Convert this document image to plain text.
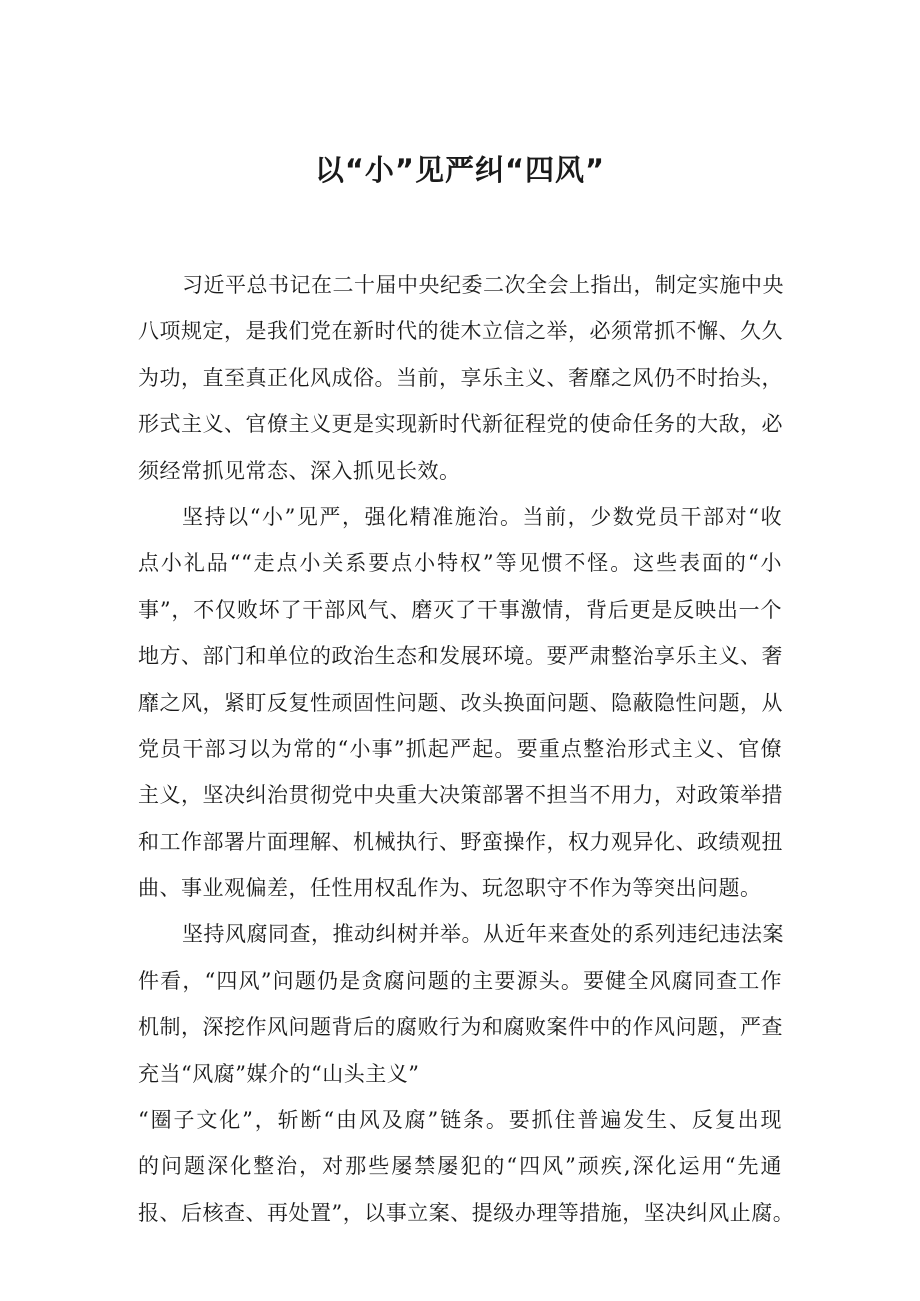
以“小”见严纠“四风”
习近平总书记在二十届中央纪委二次全会上指出，制定实施中央
八项规定，是我们党在新时代的徙木立信之举，必须常抓不懈、久久
为功，直至真正化风成俗。当前，享乐主义、奢靡之风仍不时抬头，
形式主义、官僚主义更是实现新时代新征程党的使命任务的大敌，必
须经常抓见常态、深入抓见长效。
坚持以“小”见严，强化精准施治。当前，少数党员干部对“收
点小礼品““走点小关系要点小特权”等见惯不怪。这些表面的“小
事”，不仅败坏了干部风气、磨灭了干事激情，背后更是反映出一个
地方、部门和单位的政治生态和发展环境。要严肃整治享乐主义、奢
靡之风，紧盯反复性顽固性问题、改头换面问题、隐蔽隐性问题，从
党员干部习以为常的“小事”抓起严起。要重点整治形式主义、官僚
主义，坚决纠治贯彻党中央重大决策部署不担当不用力，对政策举措
和工作部署片面理解、机械执行、野蛮操作，权力观异化、政绩观扭
曲、事业观偏差，任性用权乱作为、玩忽职守不作为等突出问题。
坚持风腐同查，推动纠树并举。从近年来查处的系列违纪违法案
件看，“四风”问题仍是贪腐问题的主要源头。要健全风腐同查工作
机制，深挖作风问题背后的腐败行为和腐败案件中的作风问题，严查
充当“风腐”媒介的“山头主义”
“圈子文化”，斩断“由风及腐”链条。要抓住普遍发生、反复出现
的问题深化整治，对那些屡禁屡犯的“四风”顽疾,深化运用“先通
报、后核查、再处置”，以事立案、提级办理等措施，坚决纠风止腐。
